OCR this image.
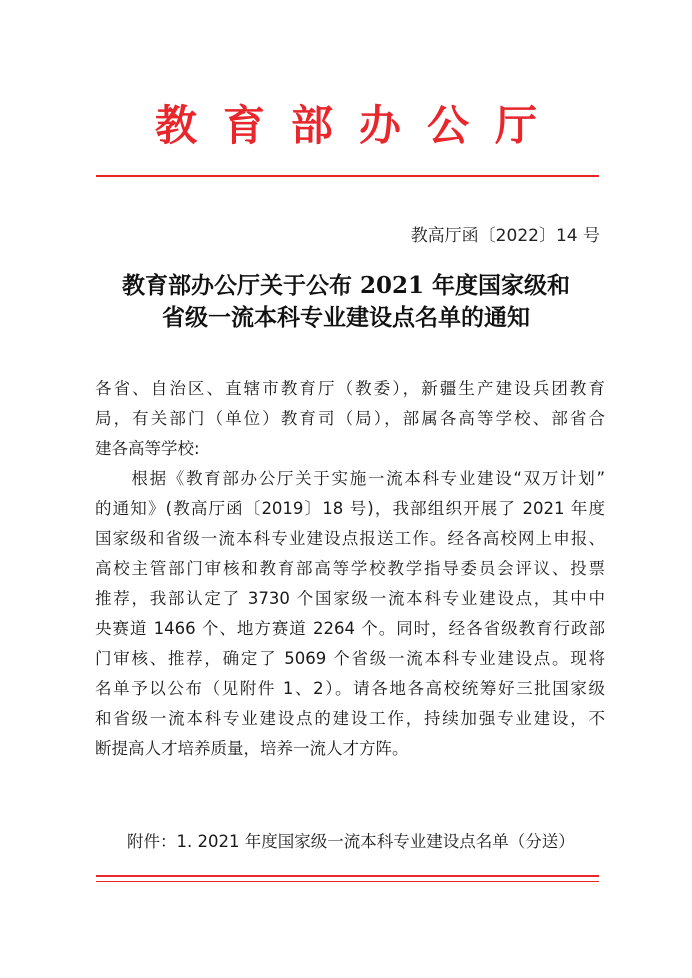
教育部办公厅
教高厅函〔2022〕14 号
教育部办公厅关于公布 2021 年度国家级和
省级一流本科专业建设点名单的通知
各省、自治区、直辖市教育厅（教委），新疆生产建设兵团教育
局，有关部门（单位）教育司（局），部属各高等学校、部省合
建各高等学校:
　　根据《教育部办公厅关于实施一流本科专业建设“双万计划”
的通知》(教高厅函〔2019〕18 号)，我部组织开展了 2021 年度
国家级和省级一流本科专业建设点报送工作。经各高校网上申报、
高校主管部门审核和教育部高等学校教学指导委员会评议、投票
推荐，我部认定了 3730 个国家级一流本科专业建设点，其中中
央赛道 1466 个、地方赛道 2264 个。同时，经各省级教育行政部
门审核、推荐，确定了 5069 个省级一流本科专业建设点。现将
名单予以公布（见附件 1、2）。请各地各高校统筹好三批国家级
和省级一流本科专业建设点的建设工作，持续加强专业建设，不
断提高人才培养质量，培养一流人才方阵。
附件：1. 2021 年度国家级一流本科专业建设点名单（分送）
